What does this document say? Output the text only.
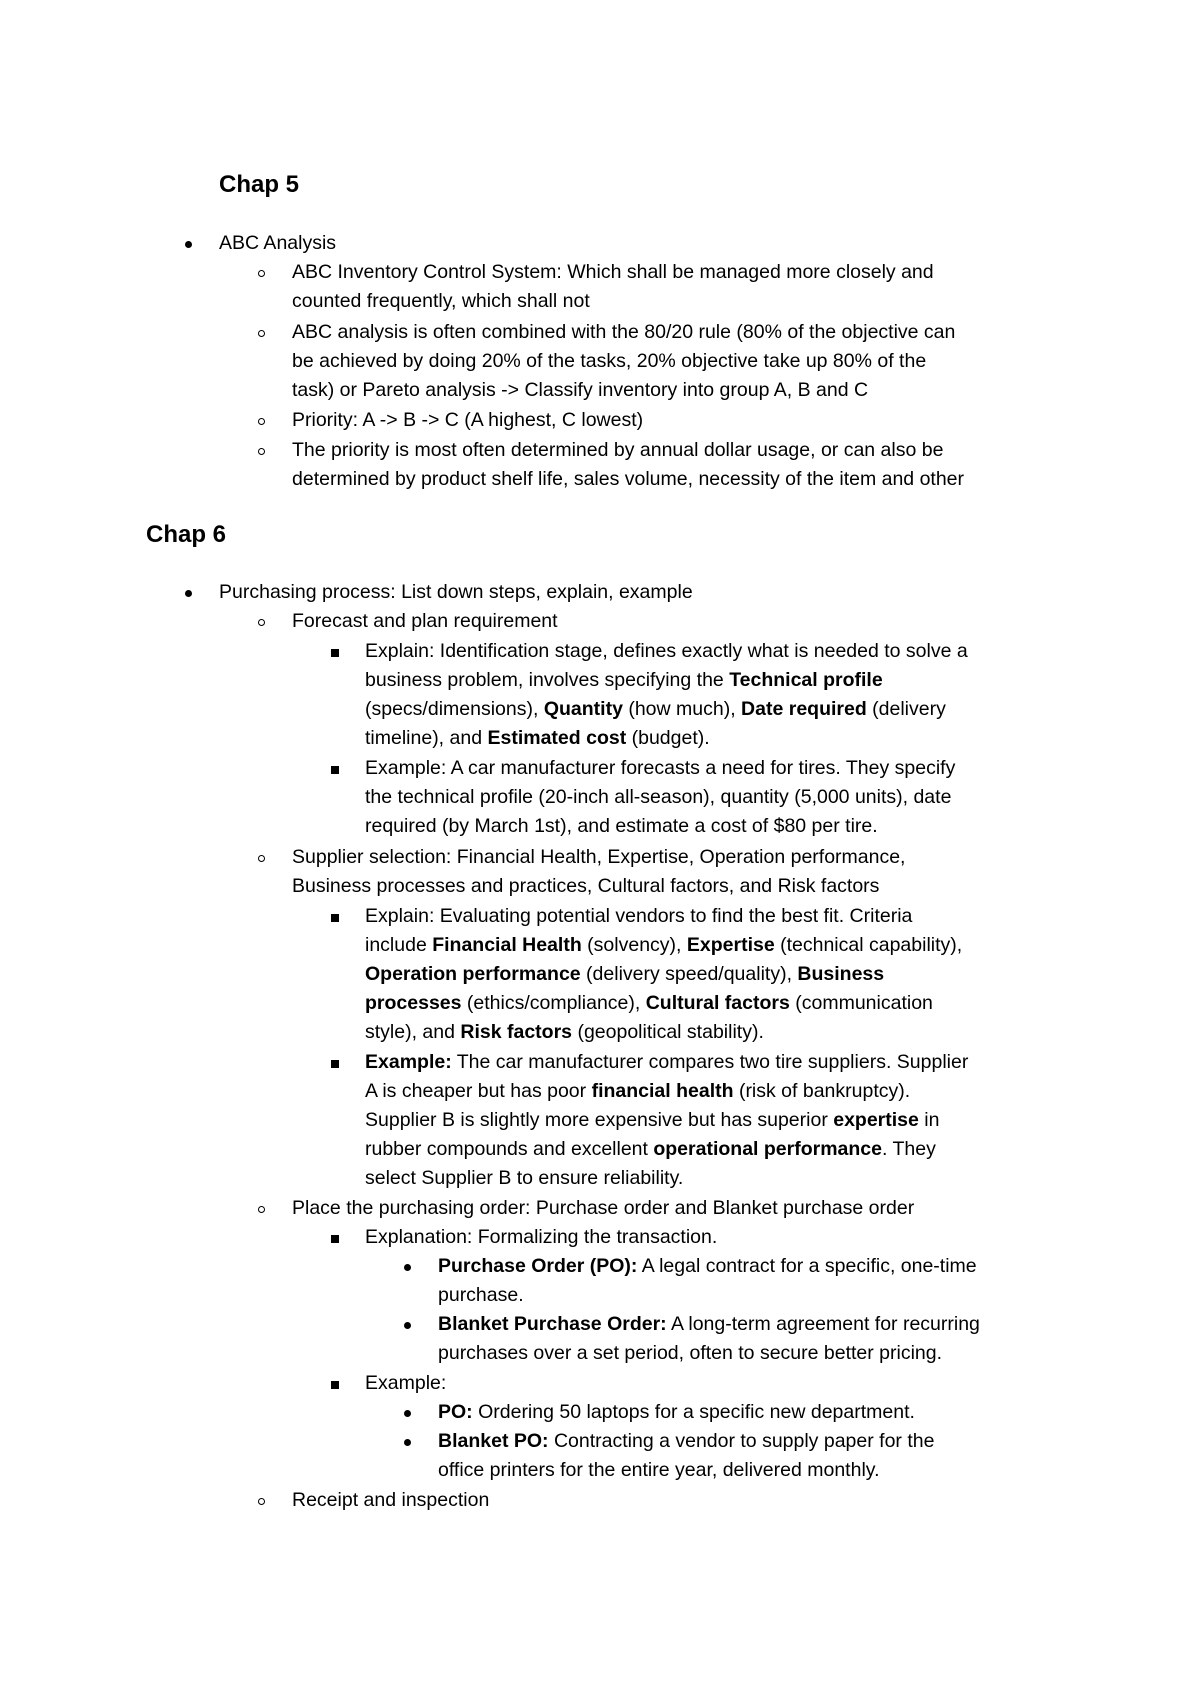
Chap 5
ABC Analysis
ABC Inventory Control System: Which shall be managed more closely and
counted frequently, which shall not
ABC analysis is often combined with the 80/20 rule (80% of the objective can
be achieved by doing 20% of the tasks, 20% objective take up 80% of the
task) or Pareto analysis -> Classify inventory into group A, B and C
Priority: A -> B -> C (A highest, C lowest)
The priority is most often determined by annual dollar usage, or can also be
determined by product shelf life, sales volume, necessity of the item and other
Chap 6
Purchasing process: List down steps, explain, example
Forecast and plan requirement
Explain: Identification stage, defines exactly what is needed to solve a
business problem, involves specifying the Technical profile
(specs/dimensions), Quantity (how much), Date required (delivery
timeline), and Estimated cost (budget).
Example: A car manufacturer forecasts a need for tires. They specify
the technical profile (20-inch all-season), quantity (5,000 units), date
required (by March 1st), and estimate a cost of $80 per tire.
Supplier selection: Financial Health, Expertise, Operation performance,
Business processes and practices, Cultural factors, and Risk factors
Explain: Evaluating potential vendors to find the best fit. Criteria
include Financial Health (solvency), Expertise (technical capability),
Operation performance (delivery speed/quality), Business
processes (ethics/compliance), Cultural factors (communication
style), and Risk factors (geopolitical stability).
Example: The car manufacturer compares two tire suppliers. Supplier
A is cheaper but has poor financial health (risk of bankruptcy).
Supplier B is slightly more expensive but has superior expertise in
rubber compounds and excellent operational performance. They
select Supplier B to ensure reliability.
Place the purchasing order: Purchase order and Blanket purchase order
Explanation: Formalizing the transaction.
Purchase Order (PO): A legal contract for a specific, one-time
purchase.
Blanket Purchase Order: A long-term agreement for recurring
purchases over a set period, often to secure better pricing.
Example:
PO: Ordering 50 laptops for a specific new department.
Blanket PO: Contracting a vendor to supply paper for the
office printers for the entire year, delivered monthly.
Receipt and inspection
